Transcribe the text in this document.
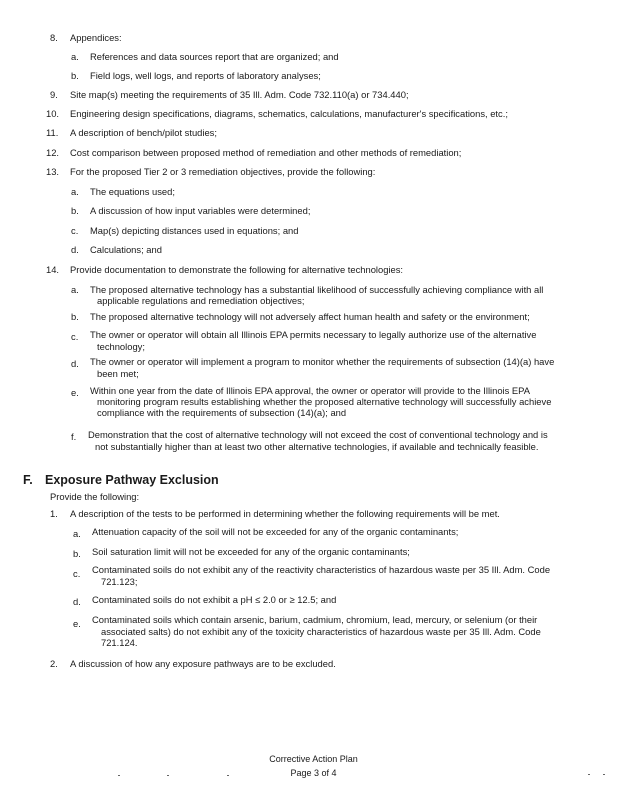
8. Appendices:
a. References and data sources report that are organized; and
b. Field logs, well logs, and reports of laboratory analyses;
9. Site map(s) meeting the requirements of 35 Ill. Adm. Code 732.110(a) or 734.440;
10. Engineering design specifications, diagrams, schematics, calculations, manufacturer's specifications, etc.;
11. A description of bench/pilot studies;
12. Cost comparison between proposed method of remediation and other methods of remediation;
13. For the proposed Tier 2 or 3 remediation objectives, provide the following:
a. The equations used;
b. A discussion of how input variables were determined;
c. Map(s) depicting distances used in equations; and
d. Calculations; and
14. Provide documentation to demonstrate the following for alternative technologies:
a. The proposed alternative technology has a substantial likelihood of successfully achieving compliance with all
applicable regulations and remediation objectives;
b. The proposed alternative technology will not adversely affect human health and safety or the environment;
c. The owner or operator will obtain all Illinois EPA permits necessary to legally authorize use of the alternative
technology;
d. The owner or operator will implement a program to monitor whether the requirements of subsection (14)(a) have
been met;
e. Within one year from the date of Illinois EPA approval, the owner or operator will provide to the Illinois EPA
monitoring program results establishing whether the proposed alternative technology will successfully achieve
compliance with the requirements of subsection (14)(a); and
f. Demonstration that the cost of alternative technology will not exceed the cost of conventional technology and is
not substantially higher than at least two other alternative technologies, if available and technically feasible.
F. Exposure Pathway Exclusion
Provide the following:
1. A description of the tests to be performed in determining whether the following requirements will be met.
a. Attenuation capacity of the soil will not be exceeded for any of the organic contaminants;
b. Soil saturation limit will not be exceeded for any of the organic contaminants;
c. Contaminated soils do not exhibit any of the reactivity characteristics of hazardous waste per 35 Ill. Adm. Code
721.123;
d. Contaminated soils do not exhibit a pH ≤ 2.0 or ≥ 12.5; and
e. Contaminated soils which contain arsenic, barium, cadmium, chromium, lead, mercury, or selenium (or their
associated salts) do not exhibit any of the toxicity characteristics of hazardous waste per 35 Ill. Adm. Code
721.124.
2. A discussion of how any exposure pathways are to be excluded.
Corrective Action Plan
Page 3 of 4
